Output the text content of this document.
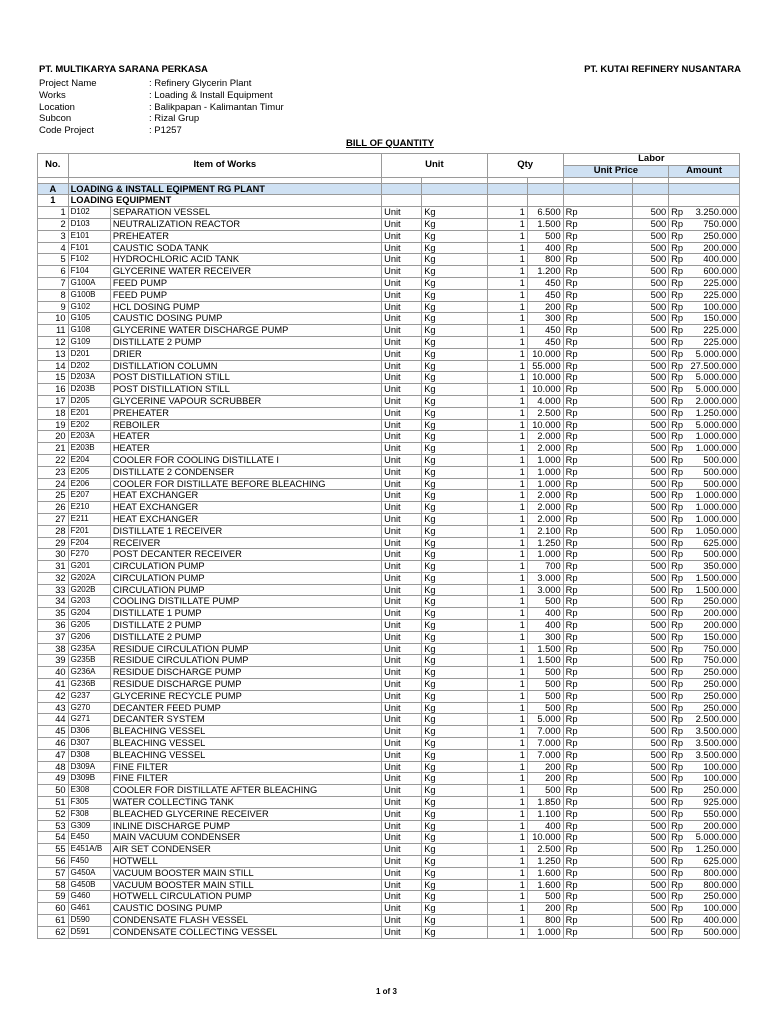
PT. MULTIKARYA SARANA PERKASA	PT. KUTAI REFINERY NUSANTARA
Project Name	: Refinery Glycerin Plant
Works	: Loading & Install Equipment
Location	: Balikpapan - Kalimantan Timur
Subcon	: Rizal Grup
Code Project	: P1257
BILL OF QUANTITY
No.	Item of Works		Unit		Qty		Labor		
							Unit Price		Amount

A	LOADING & INSTALL EQIPMENT RG PLANT								
1	LOADING EQUIPMENT								
1	D102	SEPARATION VESSEL	Unit	Kg	1	6.500	Rp	500	Rp 3.250.000
2	D103	NEUTRALIZATION REACTOR	Unit	Kg	1	1.500	Rp	500	Rp 750.000
3	E101	PREHEATER	Unit	Kg	1	500	Rp	500	Rp 250.000
4	F101	CAUSTIC SODA TANK	Unit	Kg	1	400	Rp	500	Rp 200.000
5	F102	HYDROCHLORIC ACID TANK	Unit	Kg	1	800	Rp	500	Rp 400.000
6	F104	GLYCERINE WATER RECEIVER	Unit	Kg	1	1.200	Rp	500	Rp 600.000
7	G100A	FEED PUMP	Unit	Kg	1	450	Rp	500	Rp 225.000
8	G100B	FEED PUMP	Unit	Kg	1	450	Rp	500	Rp 225.000
9	G102	HCL DOSING PUMP	Unit	Kg	1	200	Rp	500	Rp 100.000
10	G105	CAUSTIC DOSING PUMP	Unit	Kg	1	300	Rp	500	Rp 150.000
11	G108	GLYCERINE WATER DISCHARGE PUMP	Unit	Kg	1	450	Rp	500	Rp 225.000
12	G109	DISTILLATE 2 PUMP	Unit	Kg	1	450	Rp	500	Rp 225.000
13	D201	DRIER	Unit	Kg	1	10.000	Rp	500	Rp 5.000.000
14	D202	DISTILLATION COLUMN	Unit	Kg	1	55.000	Rp	500	Rp 27.500.000
15	D203A	POST DISTILLATION STILL	Unit	Kg	1	10.000	Rp	500	Rp 5.000.000
16	D203B	POST DISTILLATION STILL	Unit	Kg	1	10.000	Rp	500	Rp 5.000.000
17	D205	GLYCERINE VAPOUR SCRUBBER	Unit	Kg	1	4.000	Rp	500	Rp 2.000.000
18	E201	PREHEATER	Unit	Kg	1	2.500	Rp	500	Rp 1.250.000
19	E202	REBOILER	Unit	Kg	1	10.000	Rp	500	Rp 5.000.000
20	E203A	HEATER	Unit	Kg	1	2.000	Rp	500	Rp 1.000.000
21	E203B	HEATER	Unit	Kg	1	2.000	Rp	500	Rp 1.000.000
22	E204	COOLER FOR COOLING DISTILLATE I	Unit	Kg	1	1.000	Rp	500	Rp 500.000
23	E205	DISTILLATE 2 CONDENSER	Unit	Kg	1	1.000	Rp	500	Rp 500.000
24	E206	COOLER FOR DISTILLATE BEFORE BLEACHING	Unit	Kg	1	1.000	Rp	500	Rp 500.000
25	E207	HEAT EXCHANGER	Unit	Kg	1	2.000	Rp	500	Rp 1.000.000
26	E210	HEAT EXCHANGER	Unit	Kg	1	2.000	Rp	500	Rp 1.000.000
27	E211	HEAT EXCHANGER	Unit	Kg	1	2.000	Rp	500	Rp 1.000.000
28	F201	DISTILLATE 1 RECEIVER	Unit	Kg	1	2.100	Rp	500	Rp 1.050.000
29	F204	RECEIVER	Unit	Kg	1	1.250	Rp	500	Rp 625.000
30	F270	POST DECANTER RECEIVER	Unit	Kg	1	1.000	Rp	500	Rp 500.000
31	G201	CIRCULATION PUMP	Unit	Kg	1	700	Rp	500	Rp 350.000
32	G202A	CIRCULATION PUMP	Unit	Kg	1	3.000	Rp	500	Rp 1.500.000
33	G202B	CIRCULATION PUMP	Unit	Kg	1	3.000	Rp	500	Rp 1.500.000
34	G203	COOLING DISTILLATE PUMP	Unit	Kg	1	500	Rp	500	Rp 250.000
35	G204	DISTILLATE 1 PUMP	Unit	Kg	1	400	Rp	500	Rp 200.000
36	G205	DISTILLATE 2 PUMP	Unit	Kg	1	400	Rp	500	Rp 200.000
37	G206	DISTILLATE 2 PUMP	Unit	Kg	1	300	Rp	500	Rp 150.000
38	G235A	RESIDUE CIRCULATION PUMP	Unit	Kg	1	1.500	Rp	500	Rp 750.000
39	G235B	RESIDUE CIRCULATION PUMP	Unit	Kg	1	1.500	Rp	500	Rp 750.000
40	G236A	RESIDUE DISCHARGE PUMP	Unit	Kg	1	500	Rp	500	Rp 250.000
41	G236B	RESIDUE DISCHARGE PUMP	Unit	Kg	1	500	Rp	500	Rp 250.000
42	G237	GLYCERINE RECYCLE PUMP	Unit	Kg	1	500	Rp	500	Rp 250.000
43	G270	DECANTER FEED PUMP	Unit	Kg	1	500	Rp	500	Rp 250.000
44	G271	DECANTER SYSTEM	Unit	Kg	1	5.000	Rp	500	Rp 2.500.000
45	D306	BLEACHING VESSEL	Unit	Kg	1	7.000	Rp	500	Rp 3.500.000
46	D307	BLEACHING VESSEL	Unit	Kg	1	7.000	Rp	500	Rp 3.500.000
47	D308	BLEACHING VESSEL	Unit	Kg	1	7.000	Rp	500	Rp 3.500.000
48	D309A	FINE FILTER	Unit	Kg	1	200	Rp	500	Rp 100.000
49	D309B	FINE FILTER	Unit	Kg	1	200	Rp	500	Rp 100.000
50	E308	COOLER FOR DISTILLATE AFTER BLEACHING	Unit	Kg	1	500	Rp	500	Rp 250.000
51	F305	WATER COLLECTING TANK	Unit	Kg	1	1.850	Rp	500	Rp 925.000
52	F308	BLEACHED GLYCERINE RECEIVER	Unit	Kg	1	1.100	Rp	500	Rp 550.000
53	G309	INLINE DISCHARGE PUMP	Unit	Kg	1	400	Rp	500	Rp 200.000
54	E450	MAIN VACUUM CONDENSER	Unit	Kg	1	10.000	Rp	500	Rp 5.000.000
55	E451A/B	AIR SET CONDENSER	Unit	Kg	1	2.500	Rp	500	Rp 1.250.000
56	F450	HOTWELL	Unit	Kg	1	1.250	Rp	500	Rp 625.000
57	G450A	VACUUM BOOSTER MAIN STILL	Unit	Kg	1	1.600	Rp	500	Rp 800.000
58	G450B	VACUUM BOOSTER MAIN STILL	Unit	Kg	1	1.600	Rp	500	Rp 800.000
59	G460	HOTWELL CIRCULATION PUMP	Unit	Kg	1	500	Rp	500	Rp 250.000
60	G461	CAUSTIC DOSING PUMP	Unit	Kg	1	200	Rp	500	Rp 100.000
61	D590	CONDENSATE FLASH VESSEL	Unit	Kg	1	800	Rp	500	Rp 400.000
62	D591	CONDENSATE COLLECTING VESSEL	Unit	Kg	1	1.000	Rp	500	Rp 500.000
1 of 3
